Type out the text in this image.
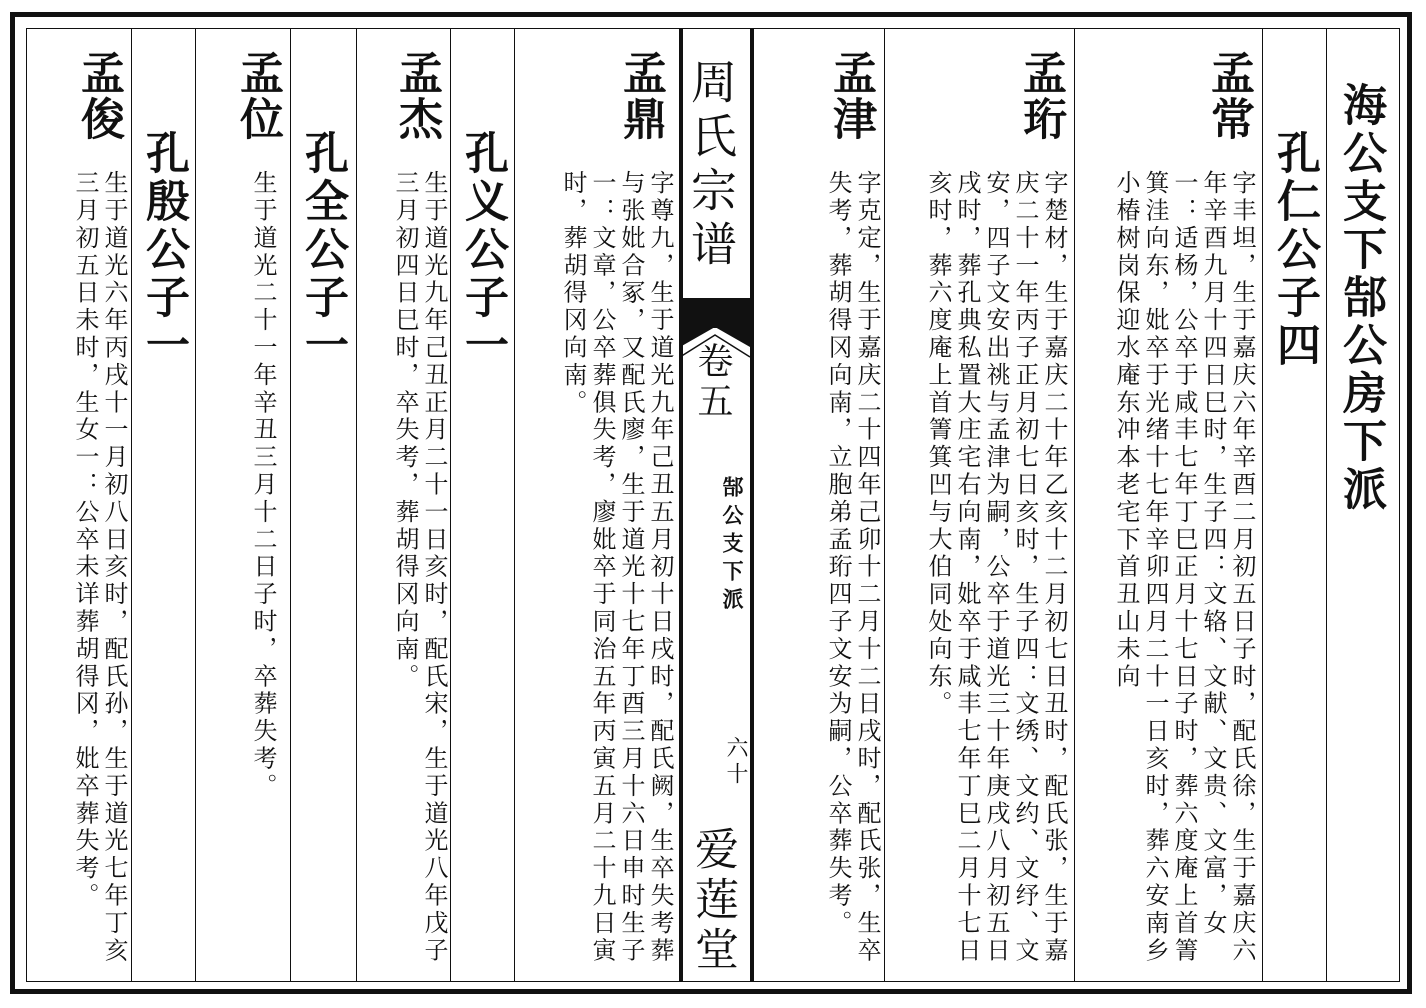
海公支下郜公房下派
孔仁公子四
孟常
字丰坦，生于嘉庆六年辛酉二月初五日子时，配氏徐，生于嘉庆六年辛酉九月十四日巳时，生子四：文辂、文献、文贵、文富，女一：适杨，公卒于咸丰七年丁巳正月十七日子时，葬六度庵上首箐箕洼向东，妣卒于光绪十七年辛卯四月二十一日亥时，葬六安南乡小椿树岗保迎水庵东冲本老宅下首丑山未向
孟珩
字楚材，生于嘉庆二十年乙亥十二月初七日丑时，配氏张，生于嘉庆二十一年丙子正月初七日亥时，生子四：文绣、文约、文纾、文安，四子文安出祧与孟津为嗣，公卒于道光三十年庚戌八月初五日戌时，葬孔典私置大庄宅右向南，妣卒于咸丰七年丁巳二月十七日亥时，葬六度庵上首箐箕凹与大伯同处向东。
孟津
字克定，生于嘉庆二十四年己卯十二月十二日戌时，配氏张，生卒失考，葬胡得冈向南，立胞弟孟珩四子文安为嗣，公卒葬失考。
周氏宗谱
卷五
郜公支下派
六十
爱莲堂
孟鼎
字尊九，生于道光九年己丑五月初十日戌时，配氏阙，生卒失考葬与张妣合冢，又配氏廖，生于道光十七年丁酉三月十六日申时生子一：文章，公卒葬俱失考，廖妣卒于同治五年丙寅五月二十九日寅时，葬胡得冈向南。
孔义公子一
孟杰
生于道光九年己丑正月二十一日亥时，配氏宋，生于道光八年戊子三月初四日巳时，卒失考，葬胡得冈向南。
孔全公子一
孟位
生于道光二十一年辛丑三月十二日子时，卒葬失考。
孔殷公子一
孟俊
生于道光六年丙戌十一月初八日亥时，配氏孙，生于道光七年丁亥三月初五日未时，生女一：公卒未详葬胡得冈，妣卒葬失考。
